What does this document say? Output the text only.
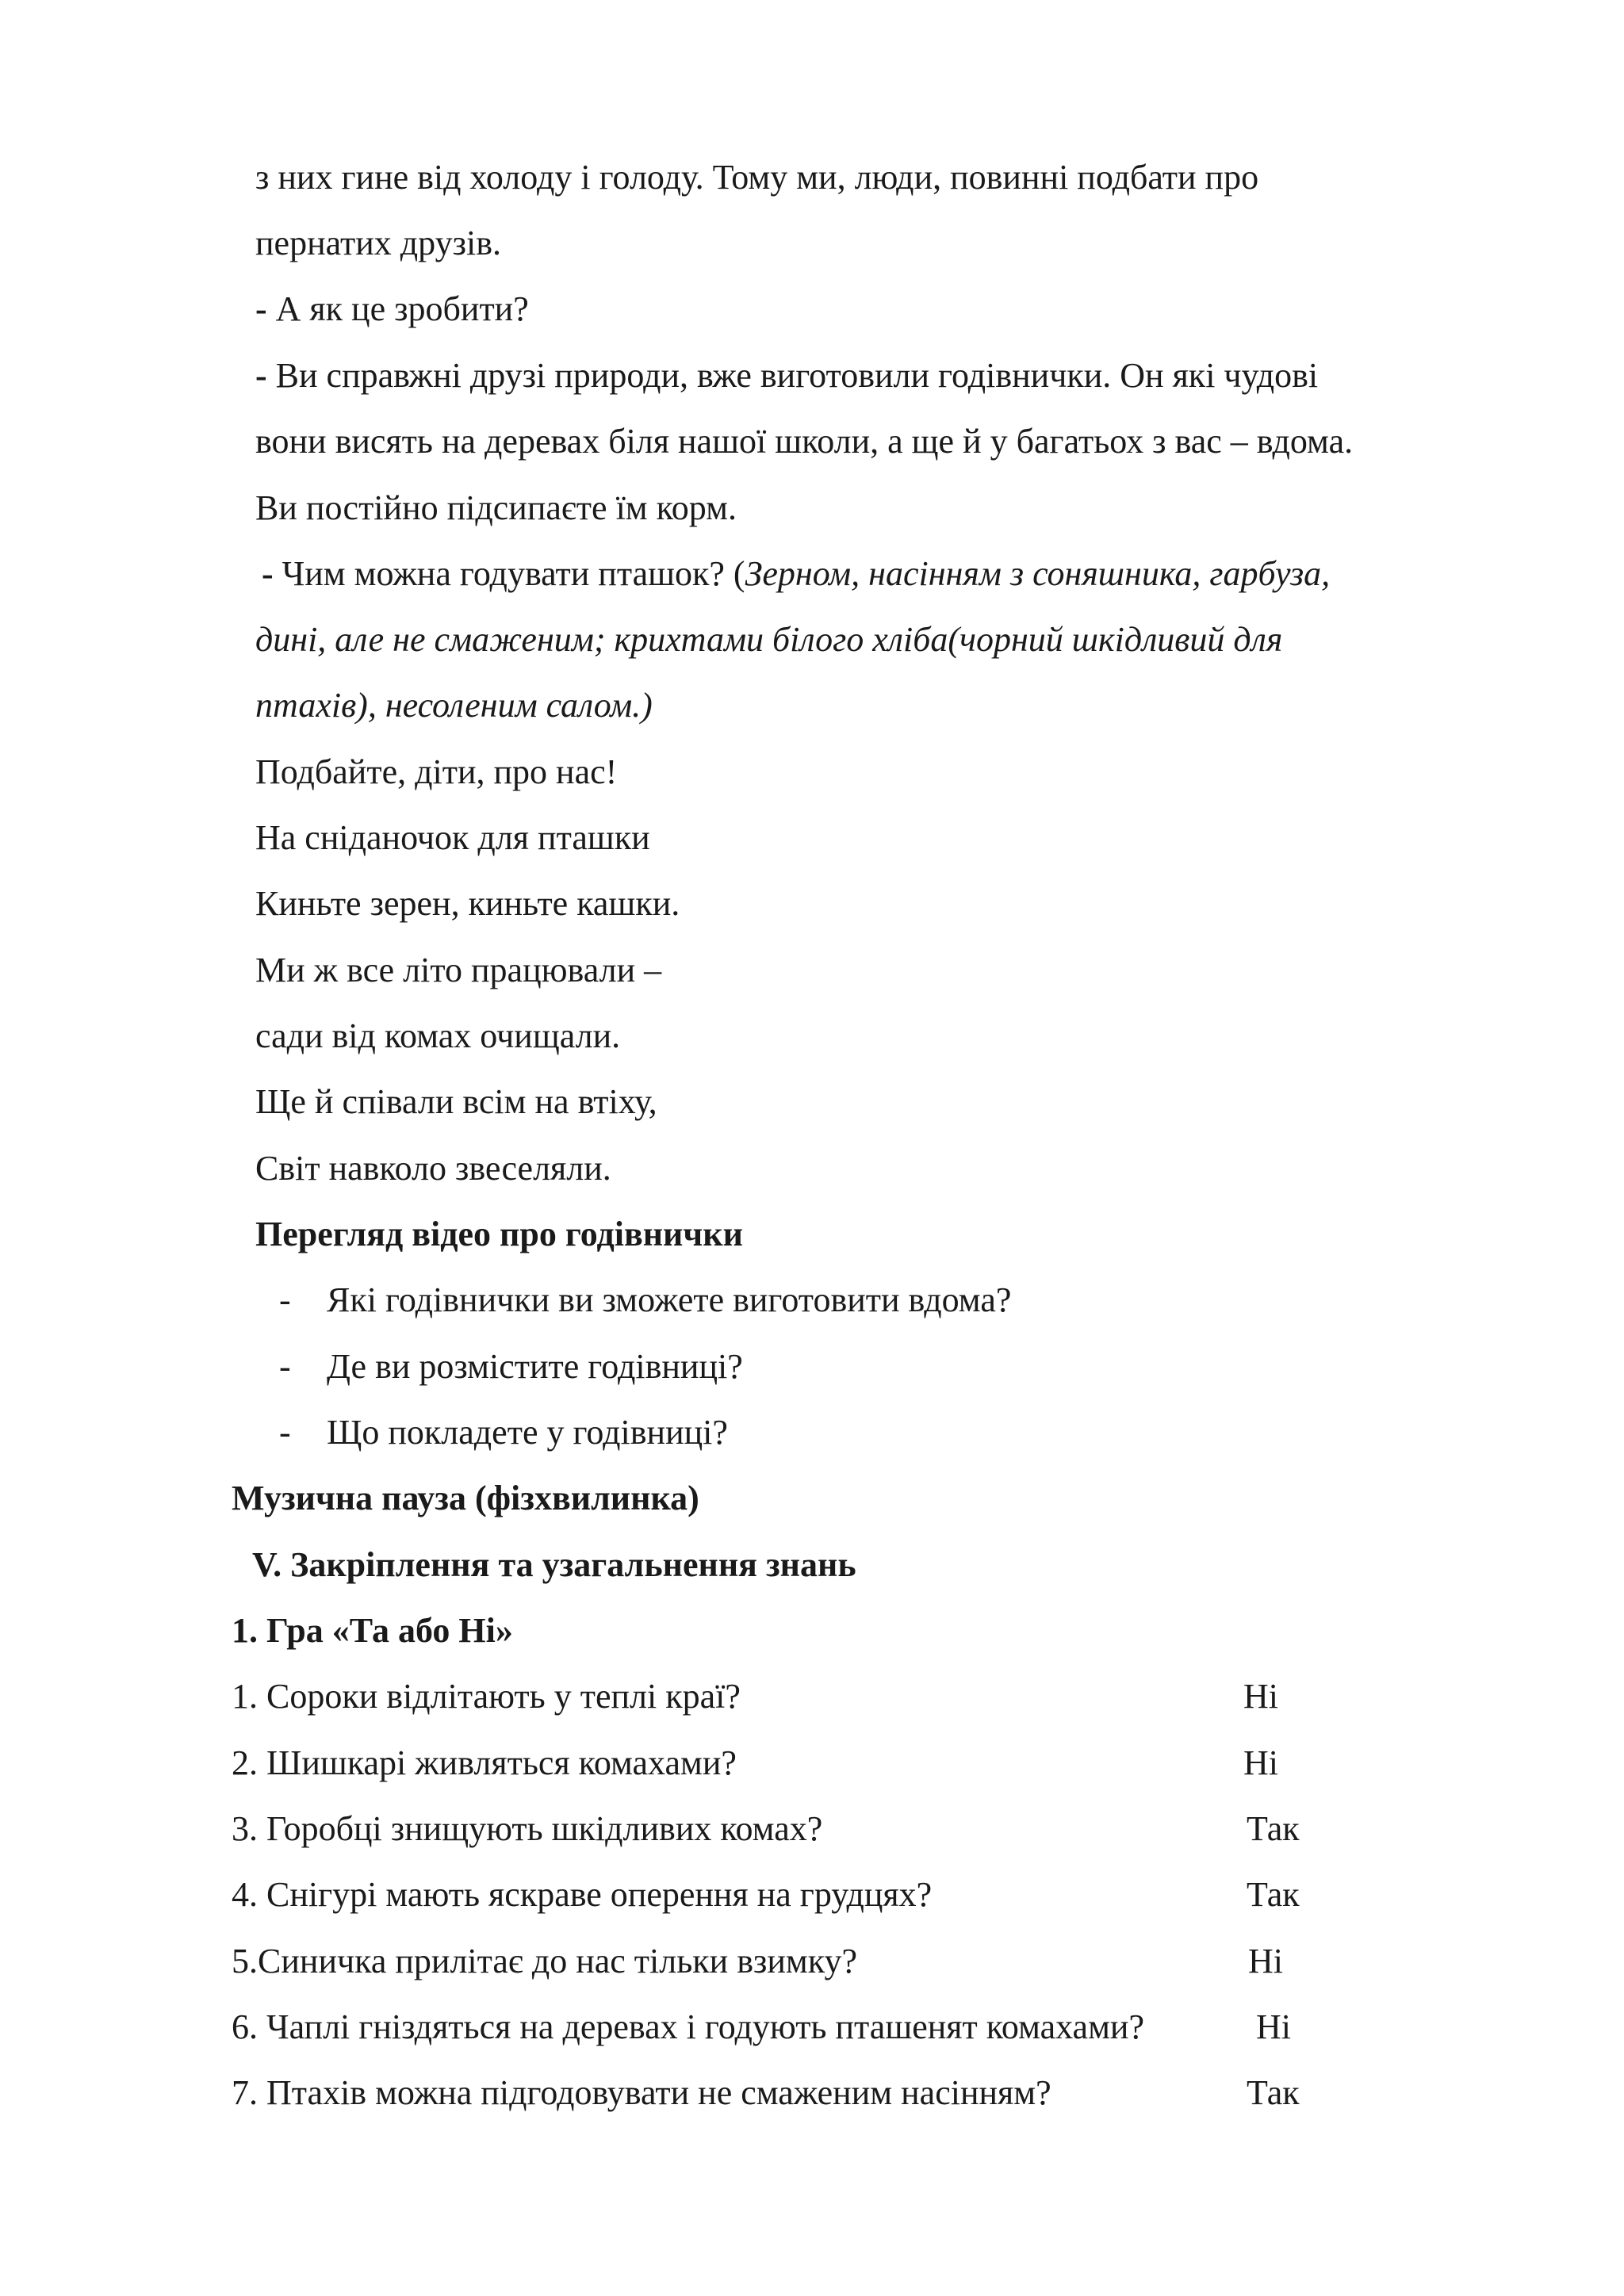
з них гине від холоду і голоду. Тому ми, люди, повинні подбати про
пернатих друзів.
- А як це зробити?
- Ви справжні друзі природи, вже виготовили годівнички. Он які чудові
вони висять на деревах біля нашої школи, а ще й у багатьох з вас – вдома.
Ви постійно підсипаєте їм корм.
- Чим можна годувати пташок? (Зерном, насінням з соняшника, гарбуза,
дині, але не смаженим; крихтами білого хліба(чорний шкідливий для
птахів), несоленим салом.)
Подбайте, діти, про нас!
На сніданочок для пташки
Киньте зерен, киньте кашки.
Ми ж все літо працювали –
сади від комах очищали.
Ще й співали всім на втіху,
Світ навколо звеселяли.
Перегляд відео про годівнички
- Які годівнички ви зможете виготовити вдома?
- Де ви розмістите годівниці?
- Що покладете у годівниці?
Музична пауза (фізхвилинка)
V. Закріплення та узагальнення знань
1. Гра «Та або Ні»
1. Сороки відлітають у теплі краї?	Ні
2. Шишкарі живляться комахами?	Ні
3. Горобці знищують шкідливих комах?	Так
4. Снігурі мають яскраве оперення на грудцях?	Так
5.Синичка прилітає до нас тільки взимку?	Ні
6. Чаплі гніздяться на деревах і годують пташенят комахами?	Ні
7. Птахів можна підгодовувати не смаженим насінням?	Так
